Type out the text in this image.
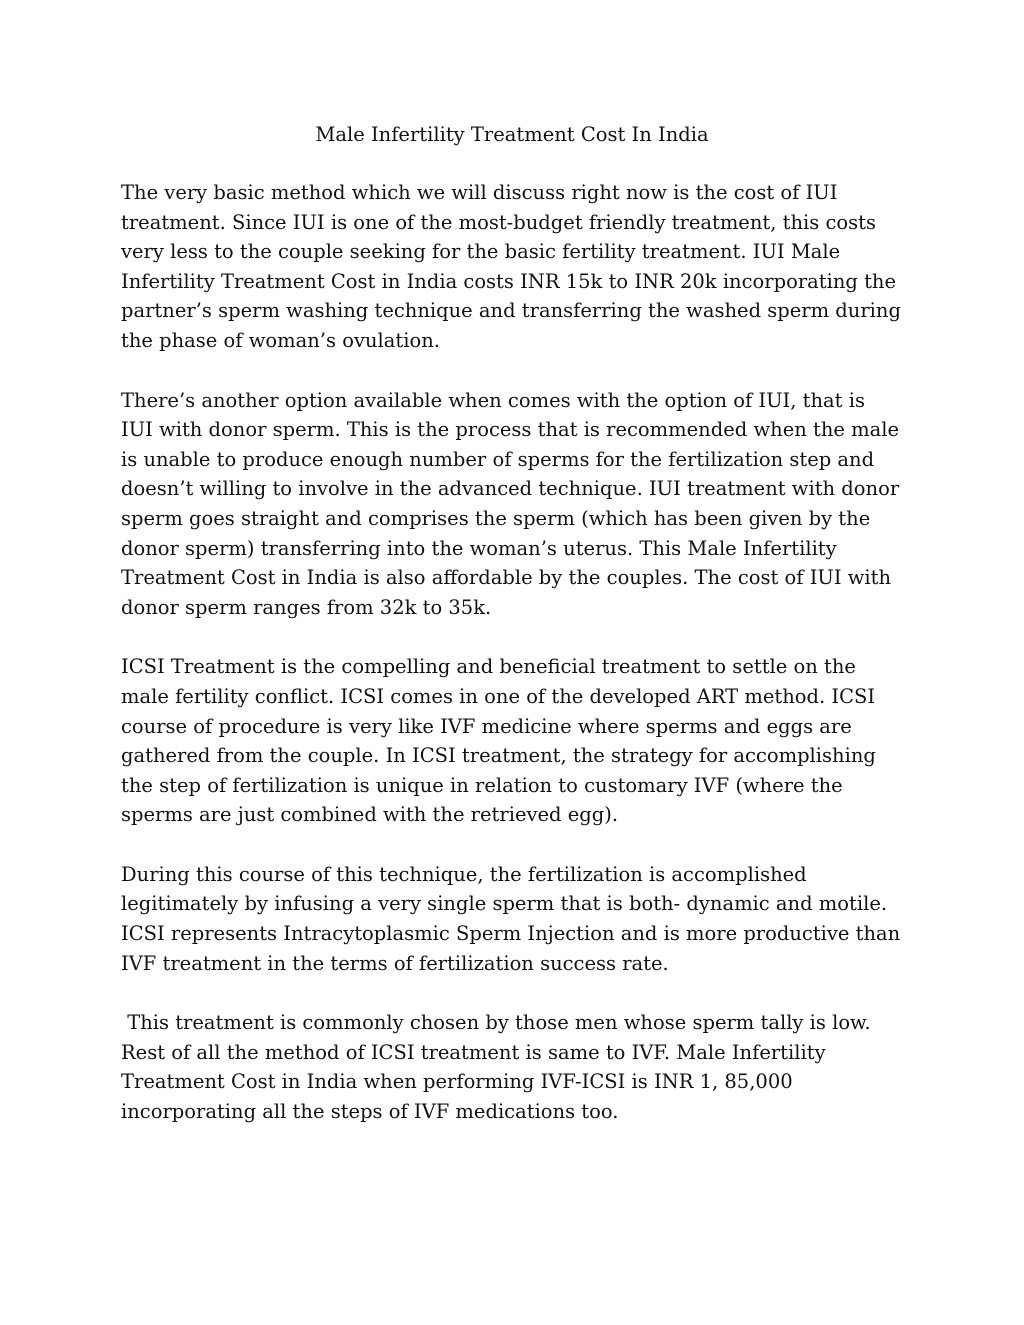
Male Infertility Treatment Cost In India

The very basic method which we will discuss right now is the cost of IUI
treatment. Since IUI is one of the most-budget friendly treatment, this costs
very less to the couple seeking for the basic fertility treatment. IUI Male
Infertility Treatment Cost in India costs INR 15k to INR 20k incorporating the
partner’s sperm washing technique and transferring the washed sperm during
the phase of woman’s ovulation.

There’s another option available when comes with the option of IUI, that is
IUI with donor sperm. This is the process that is recommended when the male
is unable to produce enough number of sperms for the fertilization step and
doesn’t willing to involve in the advanced technique. IUI treatment with donor
sperm goes straight and comprises the sperm (which has been given by the
donor sperm) transferring into the woman’s uterus. This Male Infertility
Treatment Cost in India is also affordable by the couples. The cost of IUI with
donor sperm ranges from 32k to 35k.

ICSI Treatment is the compelling and beneficial treatment to settle on the
male fertility conflict. ICSI comes in one of the developed ART method. ICSI
course of procedure is very like IVF medicine where sperms and eggs are
gathered from the couple. In ICSI treatment, the strategy for accomplishing
the step of fertilization is unique in relation to customary IVF (where the
sperms are just combined with the retrieved egg).

During this course of this technique, the fertilization is accomplished
legitimately by infusing a very single sperm that is both- dynamic and motile.
ICSI represents Intracytoplasmic Sperm Injection and is more productive than
IVF treatment in the terms of fertilization success rate.

This treatment is commonly chosen by those men whose sperm tally is low.
Rest of all the method of ICSI treatment is same to IVF. Male Infertility
Treatment Cost in India when performing IVF-ICSI is INR 1, 85,000
incorporating all the steps of IVF medications too.
